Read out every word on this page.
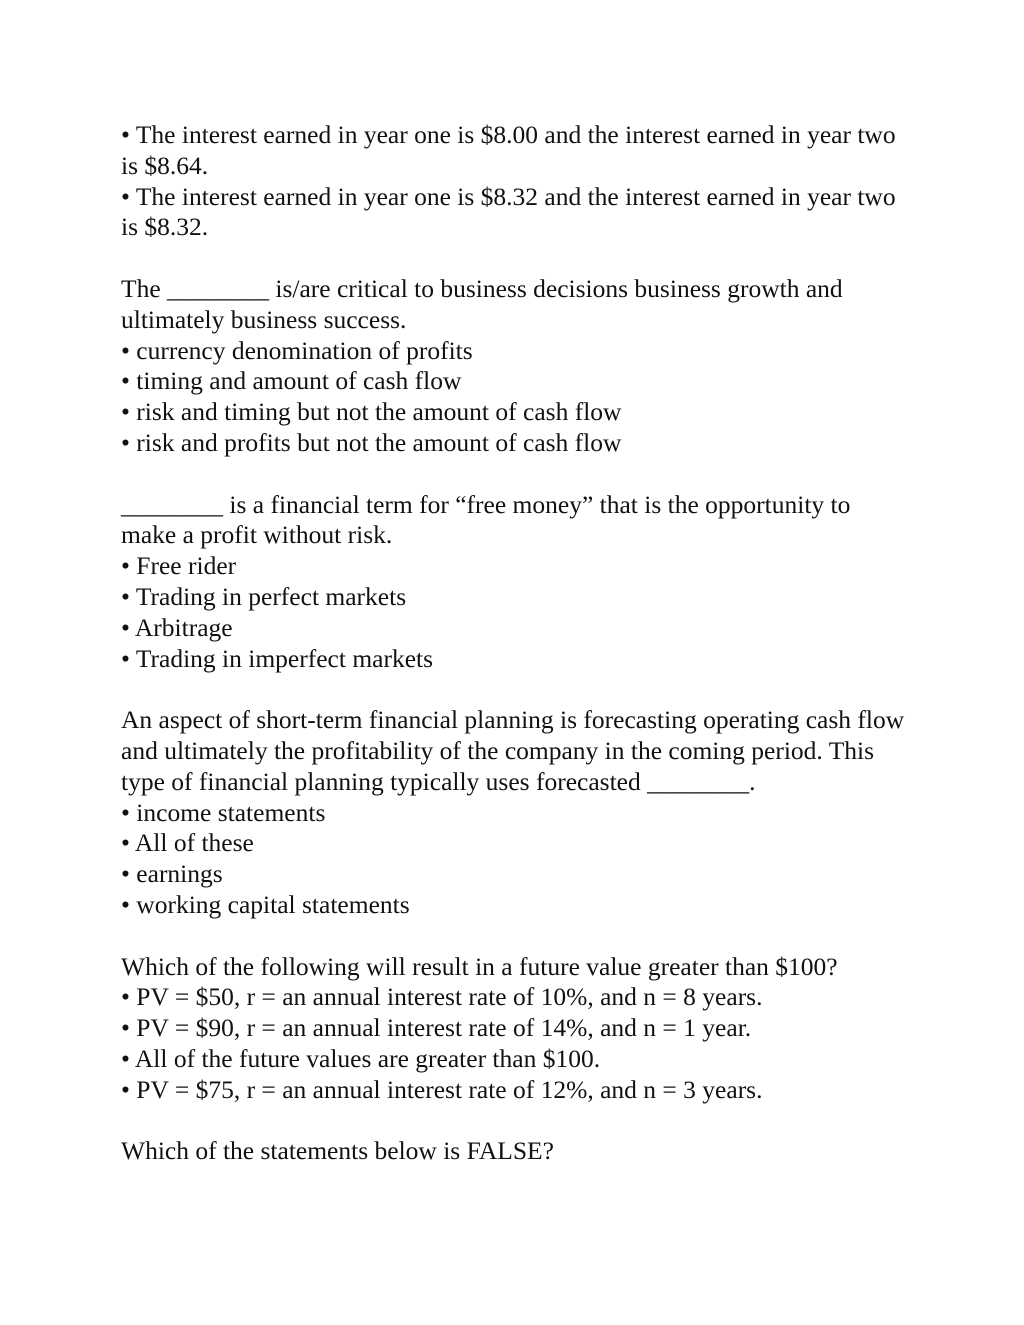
• The interest earned in year one is $8.00 and the interest earned in year two is $8.64.

• The interest earned in year one is $8.32 and the interest earned in year two is $8.32.

The ________ is/are critical to business decisions business growth and ultimately business success.

• currency denomination of profits

• timing and amount of cash flow

• risk and timing but not the amount of cash flow

• risk and profits but not the amount of cash flow

________ is a financial term for “free money” that is the opportunity to make a profit without risk.

• Free rider

• Trading in perfect markets

• Arbitrage

• Trading in imperfect markets

An aspect of short-term financial planning is forecasting operating cash flow and ultimately the profitability of the company in the coming period. This type of financial planning typically uses forecasted ________.

• income statements

• All of these

• earnings

• working capital statements

Which of the following will result in a future value greater than $100?

• PV = $50, r = an annual interest rate of 10%, and n = 8 years.

• PV = $90, r = an annual interest rate of 14%, and n = 1 year.

• All of the future values are greater than $100.

• PV = $75, r = an annual interest rate of 12%, and n = 3 years.

Which of the statements below is FALSE?
